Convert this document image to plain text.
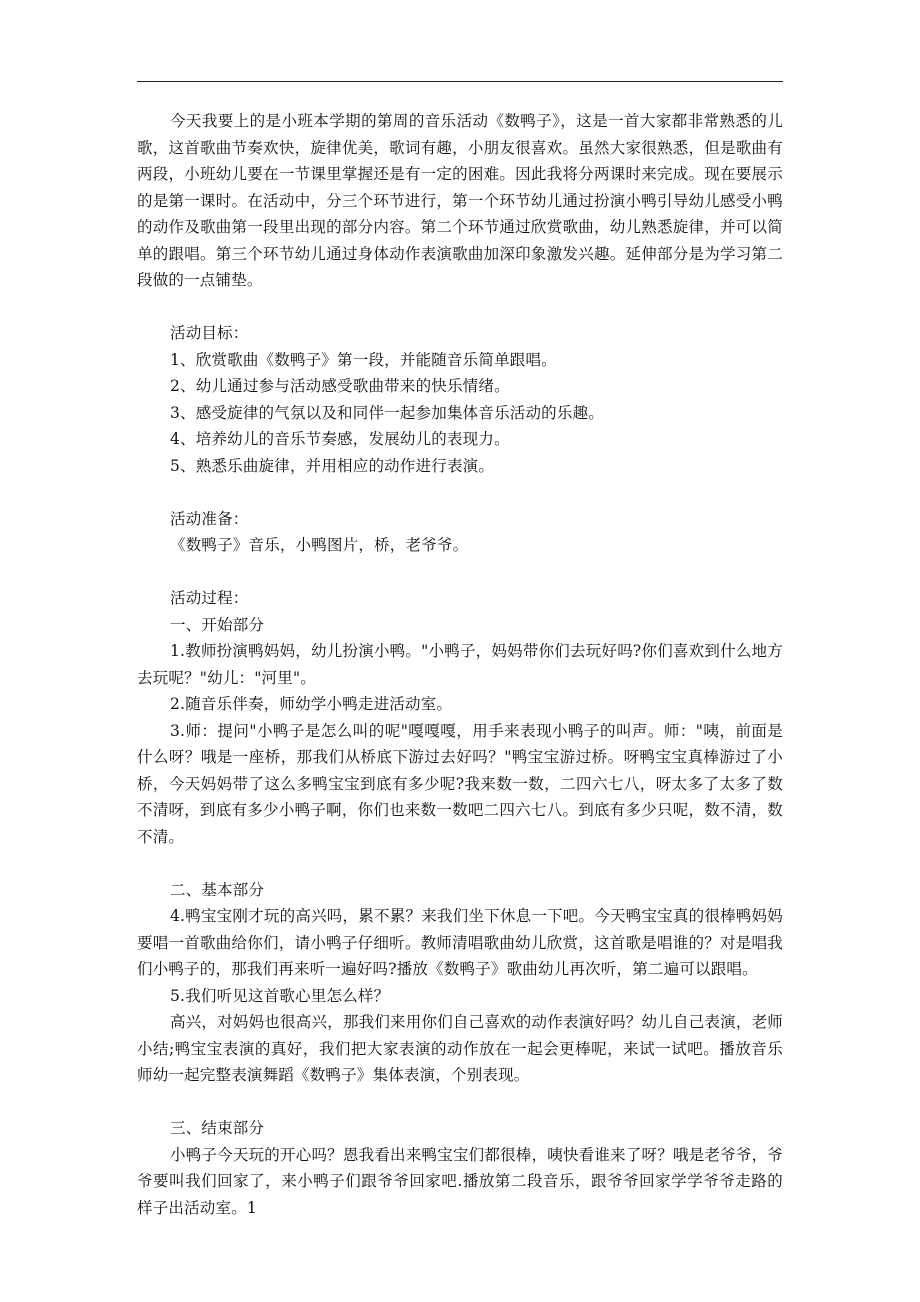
今天我要上的是小班本学期的第周的音乐活动《数鸭子》，这是一首大家都非常熟悉的儿歌，这首歌曲节奏欢快，旋律优美，歌词有趣，小朋友很喜欢。虽然大家很熟悉，但是歌曲有两段，小班幼儿要在一节课里掌握还是有一定的困难。因此我将分两课时来完成。现在要展示的是第一课时。在活动中，分三个环节进行，第一个环节幼儿通过扮演小鸭引导幼儿感受小鸭的动作及歌曲第一段里出现的部分内容。第二个环节通过欣赏歌曲，幼儿熟悉旋律，并可以简单的跟唱。第三个环节幼儿通过身体动作表演歌曲加深印象激发兴趣。延伸部分是为学习第二段做的一点铺垫。

活动目标：

1、欣赏歌曲《数鸭子》第一段，并能随音乐简单跟唱。

2、幼儿通过参与活动感受歌曲带来的快乐情绪。

3、感受旋律的气氛以及和同伴一起参加集体音乐活动的乐趣。

4、培养幼儿的音乐节奏感，发展幼儿的表现力。

5、熟悉乐曲旋律，并用相应的动作进行表演。

活动准备：

《数鸭子》音乐，小鸭图片，桥，老爷爷。

活动过程：

一、开始部分

1.教师扮演鸭妈妈，幼儿扮演小鸭。"小鸭子，妈妈带你们去玩好吗?你们喜欢到什么地方去玩呢？"幼儿："河里"。

2.随音乐伴奏，师幼学小鸭走进活动室。

3.师：提问"小鸭子是怎么叫的呢"嘎嘎嘎，用手来表现小鸭子的叫声。师："咦，前面是什么呀？哦是一座桥，那我们从桥底下游过去好吗？"鸭宝宝游过桥。呀鸭宝宝真棒游过了小桥，今天妈妈带了这么多鸭宝宝到底有多少呢?我来数一数，二四六七八，呀太多了太多了数不清呀，到底有多少小鸭子啊，你们也来数一数吧二四六七八。到底有多少只呢，数不清，数不清。

二、基本部分

4.鸭宝宝刚才玩的高兴吗，累不累？来我们坐下休息一下吧。今天鸭宝宝真的很棒鸭妈妈要唱一首歌曲给你们，请小鸭子仔细听。教师清唱歌曲幼儿欣赏，这首歌是唱谁的？对是唱我们小鸭子的，那我们再来听一遍好吗?播放《数鸭子》歌曲幼儿再次听，第二遍可以跟唱。

5.我们听见这首歌心里怎么样？

高兴，对妈妈也很高兴，那我们来用你们自己喜欢的动作表演好吗？幼儿自己表演，老师小结;鸭宝宝表演的真好，我们把大家表演的动作放在一起会更棒呢，来试一试吧。播放音乐师幼一起完整表演舞蹈《数鸭子》集体表演，个别表现。

三、结束部分

小鸭子今天玩的开心吗？恩我看出来鸭宝宝们都很棒，咦快看谁来了呀？哦是老爷爷，爷爷要叫我们回家了，来小鸭子们跟爷爷回家吧.播放第二段音乐，跟爷爷回家学学爷爷走路的样子出活动室。1
